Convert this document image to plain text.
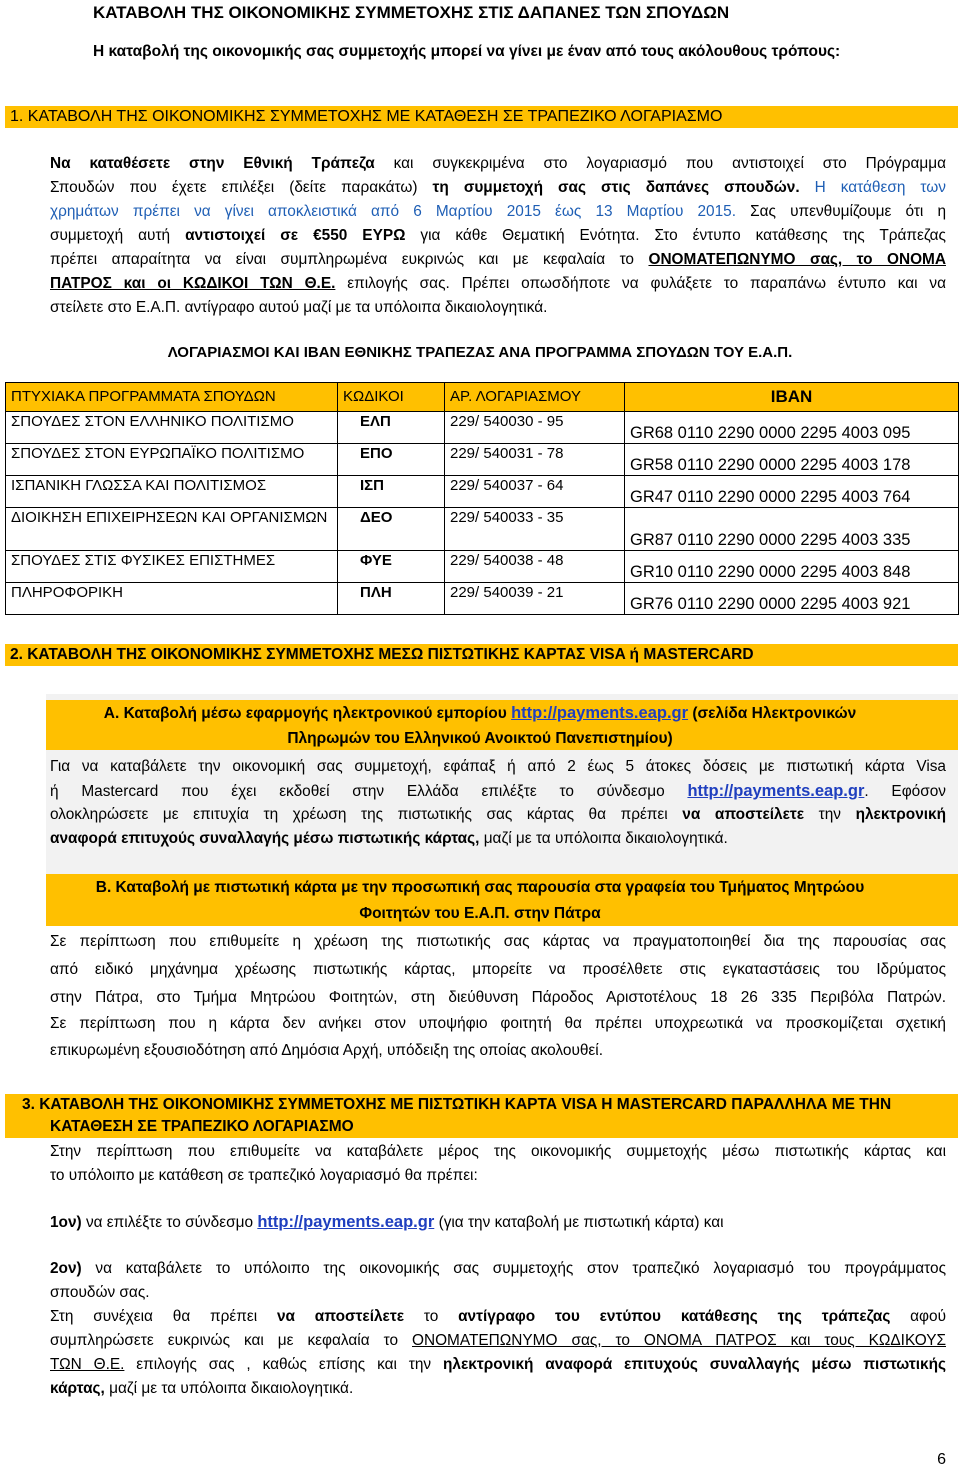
ΚΑΤΑΒΟΛΗ ΤΗΣ ΟΙΚΟΝΟΜΙΚΗΣ ΣΥΜΜΕΤΟΧΗΣ ΣΤΙΣ ΔΑΠΑΝΕΣ ΤΩΝ ΣΠΟΥΔΩΝ
Η καταβολή της οικονομικής σας συμμετοχής μπορεί να γίνει με έναν από τους ακόλουθους τρόπους:
1. ΚΑΤΑΒΟΛΗ ΤΗΣ ΟΙΚΟΝΟΜΙΚΗΣ ΣΥΜΜΕΤΟΧΗΣ ΜΕ ΚΑΤΑΘΕΣΗ ΣΕ ΤΡΑΠΕΖΙΚΟ ΛΟΓΑΡΙΑΣΜΟ
Να καταθέσετε στην Εθνική Τράπεζα και συγκεκριμένα στο λογαριασμό που αντιστοιχεί στο Πρόγραμμα
Σπουδών που έχετε επιλέξει (δείτε παρακάτω) τη συμμετοχή σας στις δαπάνες σπουδών. Η κατάθεση των
χρημάτων πρέπει να γίνει αποκλειστικά από 6 Μαρτίου 2015 έως 13 Μαρτίου 2015. Σας υπενθυμίζουμε ότι η
συμμετοχή αυτή αντιστοιχεί σε €550 ΕΥΡΩ για κάθε Θεματική Ενότητα. Στο έντυπο κατάθεσης της Τράπεζας
πρέπει απαραίτητα να είναι συμπληρωμένα ευκρινώς και με κεφαλαία το ΟΝΟΜΑΤΕΠΩΝΥΜΟ σας, το ΟΝΟΜΑ
ΠΑΤΡΟΣ και οι ΚΩΔΙΚΟΙ ΤΩΝ Θ.Ε. επιλογής σας. Πρέπει οπωσδήποτε να φυλάξετε το παραπάνω έντυπο και να
στείλετε στο Ε.Α.Π. αντίγραφο αυτού μαζί με τα υπόλοιπα δικαιολογητικά.
ΛΟΓΑΡΙΑΣΜΟΙ ΚΑΙ IBAN ΕΘΝΙΚΗΣ ΤΡΑΠΕΖΑΣ ΑΝΑ ΠΡΟΓΡΑΜΜΑ ΣΠΟΥΔΩΝ ΤΟΥ Ε.Α.Π.
ΠΤΥΧΙΑΚΑ ΠΡΟΓΡΑΜΜΑΤΑ ΣΠΟΥΔΩΝ	ΚΩΔΙΚΟΙ	ΑΡ. ΛΟΓΑΡΙΑΣΜΟΥ	IBAN
ΣΠΟΥΔΕΣ ΣΤΟΝ ΕΛΛΗΝΙΚΟ ΠΟΛΙΤΙΣΜΟ	ΕΛΠ	229/ 540030 - 95	GR68 0110 2290 0000 2295 4003 095
ΣΠΟΥΔΕΣ ΣΤΟΝ ΕΥΡΩΠΑΪΚΟ ΠΟΛΙΤΙΣΜΟ	ΕΠΟ	229/ 540031 - 78	GR58 0110 2290 0000 2295 4003 178
ΙΣΠΑΝΙΚΗ ΓΛΩΣΣΑ ΚΑΙ ΠΟΛΙΤΙΣΜΟΣ	ΙΣΠ	229/ 540037 - 64	GR47 0110 2290 0000 2295 4003 764
ΔΙΟΙΚΗΣΗ ΕΠΙΧΕΙΡΗΣΕΩΝ ΚΑΙ ΟΡΓΑΝΙΣΜΩΝ	ΔΕΟ	229/ 540033 - 35	GR87 0110 2290 0000 2295 4003 335
ΣΠΟΥΔΕΣ ΣΤΙΣ ΦΥΣΙΚΕΣ ΕΠΙΣΤΗΜΕΣ	ΦΥΕ	229/ 540038 - 48	GR10 0110 2290 0000 2295 4003 848
ΠΛΗΡΟΦΟΡΙΚΗ	ΠΛΗ	229/ 540039 - 21	GR76 0110 2290 0000 2295 4003 921
2. ΚΑΤΑΒΟΛΗ ΤΗΣ ΟΙΚΟΝΟΜΙΚΗΣ ΣΥΜΜΕΤΟΧΗΣ ΜΕΣΩ ΠΙΣΤΩΤΙΚΗΣ ΚΑΡΤΑΣ VISA ή MASTERCARD
Α. Καταβολή μέσω εφαρμογής ηλεκτρονικού εμπορίου http://payments.eap.gr (σελίδα Ηλεκτρονικών
Πληρωμών του Ελληνικού Ανοικτού Πανεπιστημίου)
Για να καταβάλετε την οικονομική σας συμμετοχή, εφάπαξ ή από 2 έως 5 άτοκες δόσεις με πιστωτική κάρτα Visa
ή Mastercard που έχει εκδοθεί στην Ελλάδα επιλέξτε το σύνδεσμο http://payments.eap.gr. Εφόσον
ολοκληρώσετε με επιτυχία τη χρέωση της πιστωτικής σας κάρτας θα πρέπει να αποστείλετε την ηλεκτρονική
αναφορά επιτυχούς συναλλαγής μέσω πιστωτικής κάρτας, μαζί με τα υπόλοιπα δικαιολογητικά.
Β. Καταβολή με πιστωτική κάρτα με την προσωπική σας παρουσία στα γραφεία του Τμήματος Μητρώου
Φοιτητών του Ε.Α.Π. στην Πάτρα
Σε περίπτωση που επιθυμείτε η χρέωση της πιστωτικής σας κάρτας να πραγματοποιηθεί δια της παρουσίας σας
από ειδικό μηχάνημα χρέωσης πιστωτικής κάρτας, μπορείτε να προσέλθετε στις εγκαταστάσεις του Ιδρύματος
στην Πάτρα, στο Τμήμα Μητρώου Φοιτητών, στη διεύθυνση Πάροδος Αριστοτέλους 18 26 335 Περιβόλα Πατρών.
Σε περίπτωση που η κάρτα δεν ανήκει στον υποψήφιο φοιτητή θα πρέπει υποχρεωτικά να προσκομίζεται σχετική
επικυρωμένη εξουσιοδότηση από Δημόσια Αρχή, υπόδειξη της οποίας ακολουθεί.
3. ΚΑΤΑΒΟΛΗ ΤΗΣ ΟΙΚΟΝΟΜΙΚΗΣ ΣΥΜΜΕΤΟΧΗΣ ΜΕ ΠΙΣΤΩΤΙΚΗ ΚΑΡΤΑ VISA Η MASTERCARD ΠΑΡΑΛΛΗΛΑ ΜΕ ΤΗΝ
ΚΑΤΑΘΕΣΗ ΣΕ ΤΡΑΠΕΖΙΚΟ ΛΟΓΑΡΙΑΣΜΟ
Στην περίπτωση που επιθυμείτε να καταβάλετε μέρος της οικονομικής συμμετοχής μέσω πιστωτικής κάρτας και
το υπόλοιπο με κατάθεση σε τραπεζικό λογαριασμό θα πρέπει:
1ον) να επιλέξτε το σύνδεσμο http://payments.eap.gr (για την καταβολή με πιστωτική κάρτα) και
2ον) να καταβάλετε το υπόλοιπο της οικονομικής σας συμμετοχής στον τραπεζικό λογαριασμό του προγράμματος
σπουδών σας.
Στη συνέχεια θα πρέπει να αποστείλετε το αντίγραφο του εντύπου κατάθεσης της τράπεζας αφού
συμπληρώσετε ευκρινώς και με κεφαλαία το ΟΝΟΜΑΤΕΠΩΝΥΜΟ σας, το ΟΝΟΜΑ ΠΑΤΡΟΣ και τους ΚΩΔΙΚΟΥΣ
ΤΩΝ Θ.Ε. επιλογής σας , καθώς επίσης και την ηλεκτρονική αναφορά επιτυχούς συναλλαγής μέσω πιστωτικής
κάρτας, μαζί με τα υπόλοιπα δικαιολογητικά.
6
